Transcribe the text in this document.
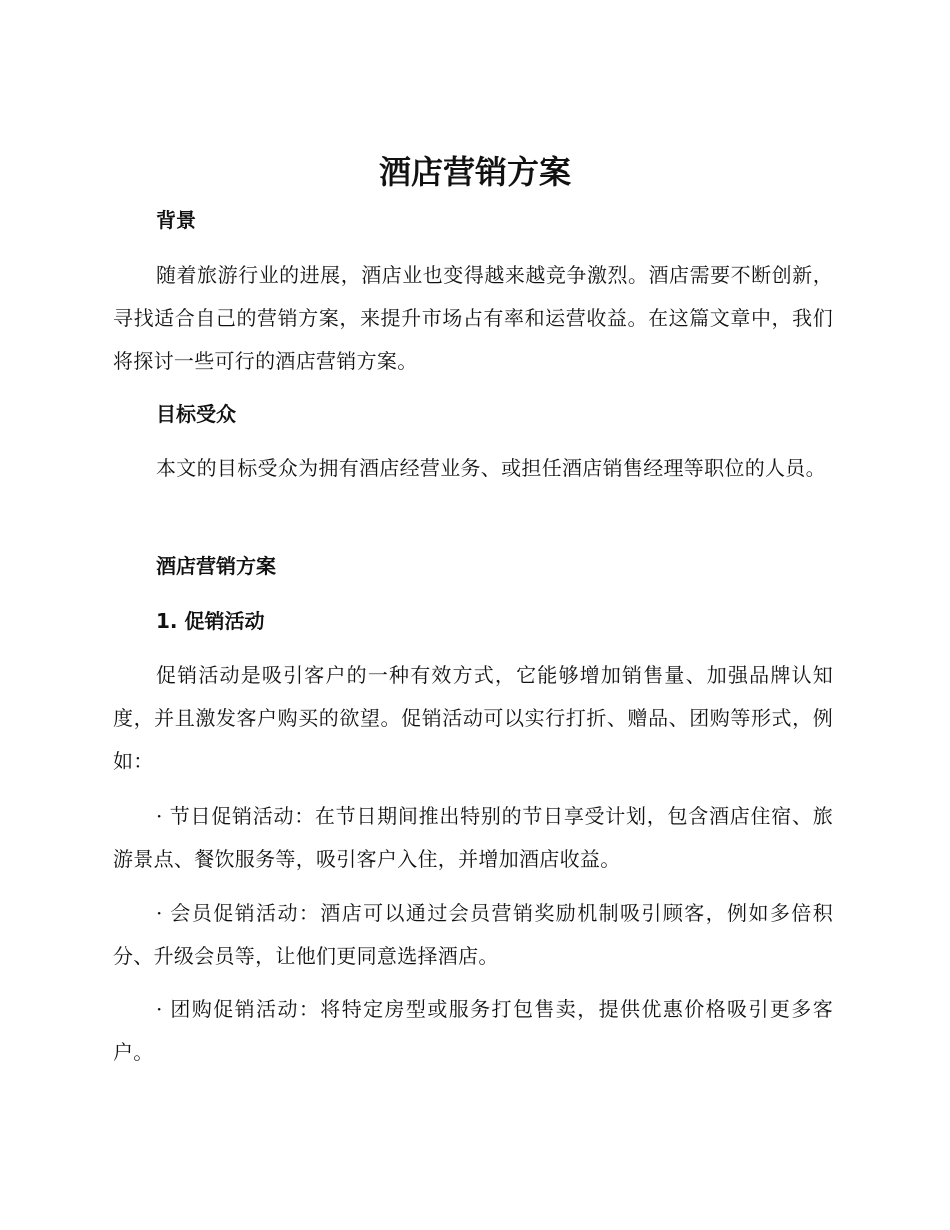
酒店营销方案
背景
随着旅游行业的进展，酒店业也变得越来越竞争激烈。酒店需要不断创新，寻找适合自己的营销方案，来提升市场占有率和运营收益。在这篇文章中，我们将探讨一些可行的酒店营销方案。
目标受众
本文的目标受众为拥有酒店经营业务、或担任酒店销售经理等职位的人员。
酒店营销方案
1. 促销活动
促销活动是吸引客户的一种有效方式，它能够增加销售量、加强品牌认知度，并且激发客户购买的欲望。促销活动可以实行打折、赠品、团购等形式，例如：
· 节日促销活动：在节日期间推出特别的节日享受计划，包含酒店住宿、旅游景点、餐饮服务等，吸引客户入住，并增加酒店收益。
· 会员促销活动：酒店可以通过会员营销奖励机制吸引顾客，例如多倍积分、升级会员等，让他们更同意选择酒店。
· 团购促销活动：将特定房型或服务打包售卖，提供优惠价格吸引更多客户。
